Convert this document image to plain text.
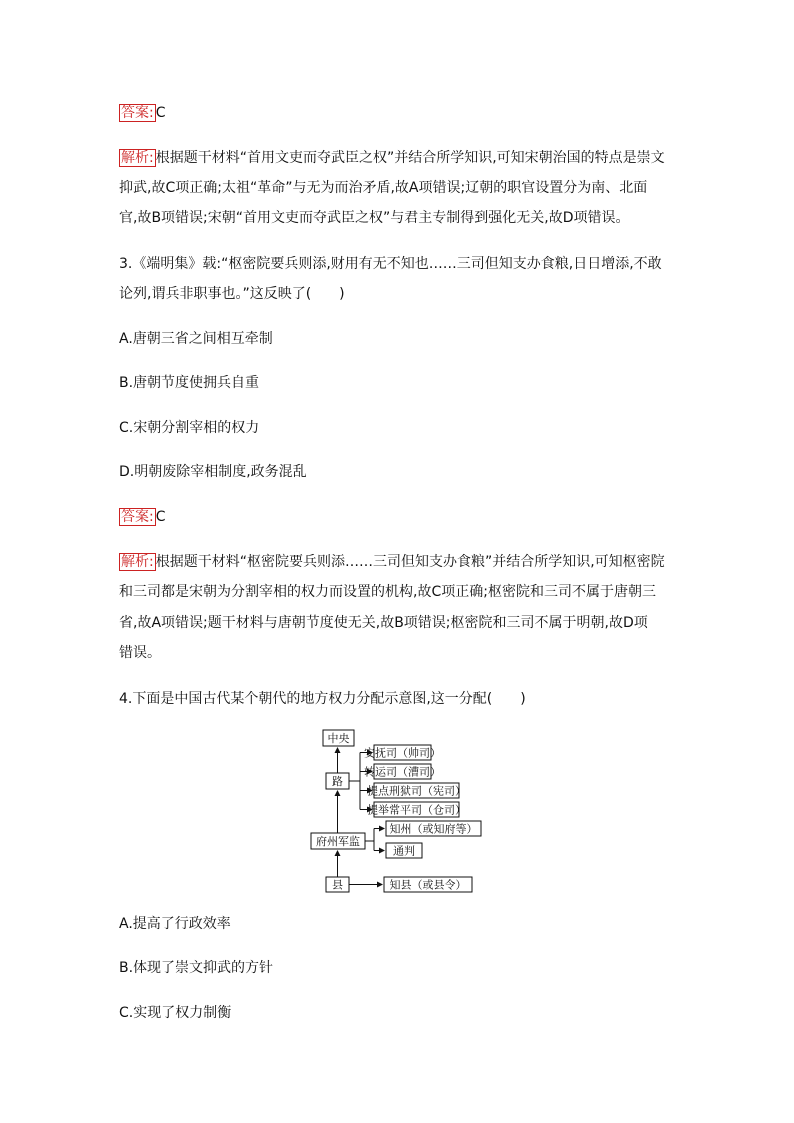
答案: C
解析: 根据题干材料“首用文吏而夺武臣之权”并结合所学知识,可知宋朝治国的特点是崇文
抑武,故C项正确;太祖“革命”与无为而治矛盾,故A项错误;辽朝的职官设置分为南、北面
官,故B项错误;宋朝“首用文吏而夺武臣之权”与君主专制得到强化无关,故D项错误。
3.《端明集》载:“枢密院要兵则添,财用有无不知也……三司但知支办食粮,日日增添,不敢
论列,谓兵非职事也。”这反映了(　　)
A.唐朝三省之间相互牵制
B.唐朝节度使拥兵自重
C.宋朝分割宰相的权力
D.明朝废除宰相制度,政务混乱
答案: C
解析: 根据题干材料“枢密院要兵则添……三司但知支办食粮”并结合所学知识,可知枢密院
和三司都是宋朝为分割宰相的权力而设置的机构,故C项正确;枢密院和三司不属于唐朝三
省,故A项错误;题干材料与唐朝节度使无关,故B项错误;枢密院和三司不属于明朝,故D项
错误。
4.下面是中国古代某个朝代的地方权力分配示意图,这一分配(　　)
中央
路
安抚司（帅司）
转运司（漕司）
提点刑狱司（宪司）
提举常平司（仓司）
府州军监
知州（或知府等）
通判
县	知县（或县令）
A.提高了行政效率
B.体现了崇文抑武的方针
C.实现了权力制衡
